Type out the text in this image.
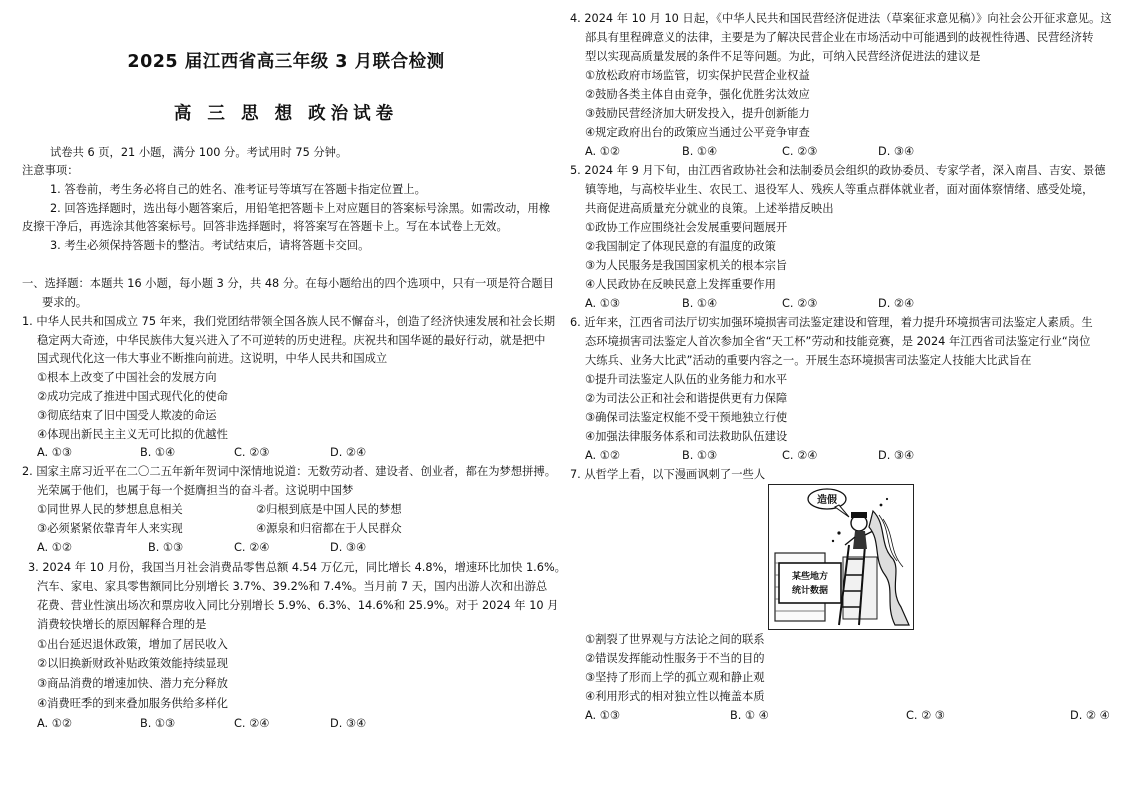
2025 届江西省高三年级 3 月联合检测
高 三 思 想 政治试卷
试卷共 6 页，21 小题，满分 100 分。考试用时 75 分钟。
注意事项：
1. 答卷前，考生务必将自己的姓名、准考证号等填写在答题卡指定位置上。
2. 回答选择题时，选出每小题答案后，用铅笔把答题卡上对应题目的答案标号涂黑。如需改动，用橡
皮擦干净后，再选涂其他答案标号。回答非选择题时，将答案写在答题卡上。写在本试卷上无效。
3. 考生必须保持答题卡的整洁。考试结束后，请将答题卡交回。
一、选择题：本题共 16 小题，每小题 3 分，共 48 分。在每小题给出的四个选项中，只有一项是符合题目
要求的。
1. 中华人民共和国成立 75 年来，我们党团结带领全国各族人民不懈奋斗，创造了经济快速发展和社会长期
稳定两大奇迹，中华民族伟大复兴进入了不可逆转的历史进程。庆祝共和国华诞的最好行动，就是把中
国式现代化这一伟大事业不断推向前进。这说明，中华人民共和国成立
①根本上改变了中国社会的发展方向
②成功完成了推进中国式现代化的使命
③彻底结束了旧中国受人欺凌的命运
④体现出新民主主义无可比拟的优越性
A. ①③	B. ①④	C. ②③	D. ②④
2. 国家主席习近平在二〇二五年新年贺词中深情地说道：无数劳动者、建设者、创业者，都在为梦想拼搏。
光荣属于他们，也属于每一个挺膺担当的奋斗者。这说明中国梦
①同世界人民的梦想息息相关	②归根到底是中国人民的梦想
③必须紧紧依靠青年人来实现	④源泉和归宿都在于人民群众
A. ①②	B. ①③	C. ②④	D. ③④
3. 2024 年 10 月份，我国当月社会消费品零售总额 4.54 万亿元，同比增长 4.8%，增速环比加快 1.6%。
汽车、家电、家具零售额同比分别增长 3.7%、39.2%和 7.4%。当月前 7 天，国内出游人次和出游总
花费、营业性演出场次和票房收入同比分别增长 5.9%、6.3%、14.6%和 25.9%。对于 2024 年 10 月
消费较快增长的原因解释合理的是
①出台延迟退休政策，增加了居民收入
②以旧换新财政补贴政策效能持续显现
③商品消费的增速加快、潜力充分释放
④消费旺季的到来叠加服务供给多样化
A. ①②	B. ①③	C. ②④	D. ③④
4. 2024 年 10 月 10 日起，《中华人民共和国民营经济促进法（草案征求意见稿）》向社会公开征求意见。这
部具有里程碑意义的法律，主要是为了解决民营企业在市场活动中可能遇到的歧视性待遇、民营经济转
型以实现高质量发展的条件不足等问题。为此，可纳入民营经济促进法的建议是
①放松政府市场监管，切实保护民营企业权益
②鼓励各类主体自由竞争，强化优胜劣汰效应
③鼓励民营经济加大研发投入，提升创新能力
④规定政府出台的政策应当通过公平竞争审查
A. ①②	B. ①④	C. ②③	D. ③④
5. 2024 年 9 月下旬，由江西省政协社会和法制委员会组织的政协委员、专家学者，深入南昌、吉安、景德
镇等地，与高校毕业生、农民工、退役军人、残疾人等重点群体就业者，面对面体察情绪、感受处境，
共商促进高质量充分就业的良策。上述举措反映出
①政协工作应围绕社会发展重要问题展开
②我国制定了体现民意的有温度的政策
③为人民服务是我国国家机关的根本宗旨
④人民政协在反映民意上发挥重要作用
A. ①③	B. ①④	C. ②③	D. ②④
6. 近年来，江西省司法厅切实加强环境损害司法鉴定建设和管理，着力提升环境损害司法鉴定人素质。生
态环境损害司法鉴定人首次参加全省“天工杯”劳动和技能竞赛，是 2024 年江西省司法鉴定行业“岗位
大练兵、业务大比武”活动的重要内容之一。开展生态环境损害司法鉴定人技能大比武旨在
①提升司法鉴定人队伍的业务能力和水平
②为司法公正和社会和谐提供更有力保障
③确保司法鉴定权能不受干预地独立行使
④加强法律服务体系和司法救助队伍建设
A. ①②	B. ①③	C. ②④	D. ③④
7. 从哲学上看，以下漫画讽刺了一些人
某些地方
统计数据
造假
①割裂了世界观与方法论之间的联系
②错误发挥能动性服务于不当的目的
③坚持了形而上学的孤立观和静止观
④利用形式的相对独立性以掩盖本质
A. ①③	B. ① ④	C. ② ③	D. ② ④
